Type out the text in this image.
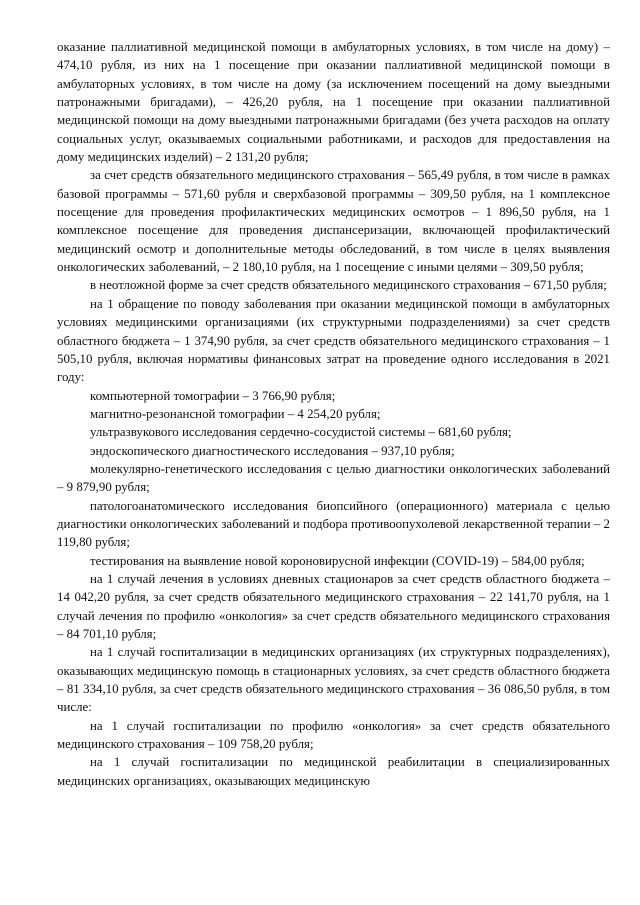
оказание паллиативной медицинской помощи в амбулаторных условиях, в том числе на дому) – 474,10 рубля, из них на 1 посещение при оказании паллиативной медицинской помощи в амбулаторных условиях, в том числе на дому (за исключением посещений на дому выездными патронажными бригадами), – 426,20 рубля, на 1 посещение при оказании паллиативной медицинской помощи на дому выездными патронажными бригадами (без учета расходов на оплату социальных услуг, оказываемых социальными работниками, и расходов для предоставления на дому медицинских изделий) – 2 131,20 рубля;

за счет средств обязательного медицинского страхования – 565,49 рубля, в том числе в рамках базовой программы – 571,60 рубля и сверхбазовой программы – 309,50 рубля, на 1 комплексное посещение для проведения профилактических медицинских осмотров – 1 896,50 рубля, на 1 комплексное посещение для проведения диспансеризации, включающей профилактический медицинский осмотр и дополнительные методы обследований, в том числе в целях выявления онкологических заболеваний, – 2 180,10 рубля, на 1 посещение с иными целями – 309,50 рубля;

в неотложной форме за счет средств обязательного медицинского страхования – 671,50 рубля;

на 1 обращение по поводу заболевания при оказании медицинской помощи в амбулаторных условиях медицинскими организациями (их структурными подразделениями) за счет средств областного бюджета – 1 374,90 рубля, за счет средств обязательного медицинского страхования – 1 505,10 рубля, включая нормативы финансовых затрат на проведение одного исследования в 2021 году:

компьютерной томографии – 3 766,90 рубля;

магнитно-резонансной томографии – 4 254,20 рубля;

ультразвукового исследования сердечно-сосудистой системы – 681,60 рубля;

эндоскопического диагностического исследования – 937,10 рубля;

молекулярно-генетического исследования с целью диагностики онкологических заболеваний – 9 879,90 рубля;

патологоанатомического исследования биопсийного (операционного) материала с целью диагностики онкологических заболеваний и подбора противоопухолевой лекарственной терапии – 2 119,80 рубля;

тестирования на выявление новой короновирусной инфекции (COVID-19) – 584,00 рубля;

на 1 случай лечения в условиях дневных стационаров за счет средств областного бюджета – 14 042,20 рубля, за счет средств обязательного медицинского страхования – 22 141,70 рубля, на 1 случай лечения по профилю «онкология» за счет средств обязательного медицинского страхования – 84 701,10 рубля;

на 1 случай госпитализации в медицинских организациях (их структурных подразделениях), оказывающих медицинскую помощь в стационарных условиях, за счет средств областного бюджета – 81 334,10 рубля, за счет средств обязательного медицинского страхования – 36 086,50 рубля, в том числе:

на 1 случай госпитализации по профилю «онкология» за счет средств обязательного медицинского страхования – 109 758,20 рубля;

на 1 случай госпитализации по медицинской реабилитации в специализированных медицинских организациях, оказывающих медицинскую
